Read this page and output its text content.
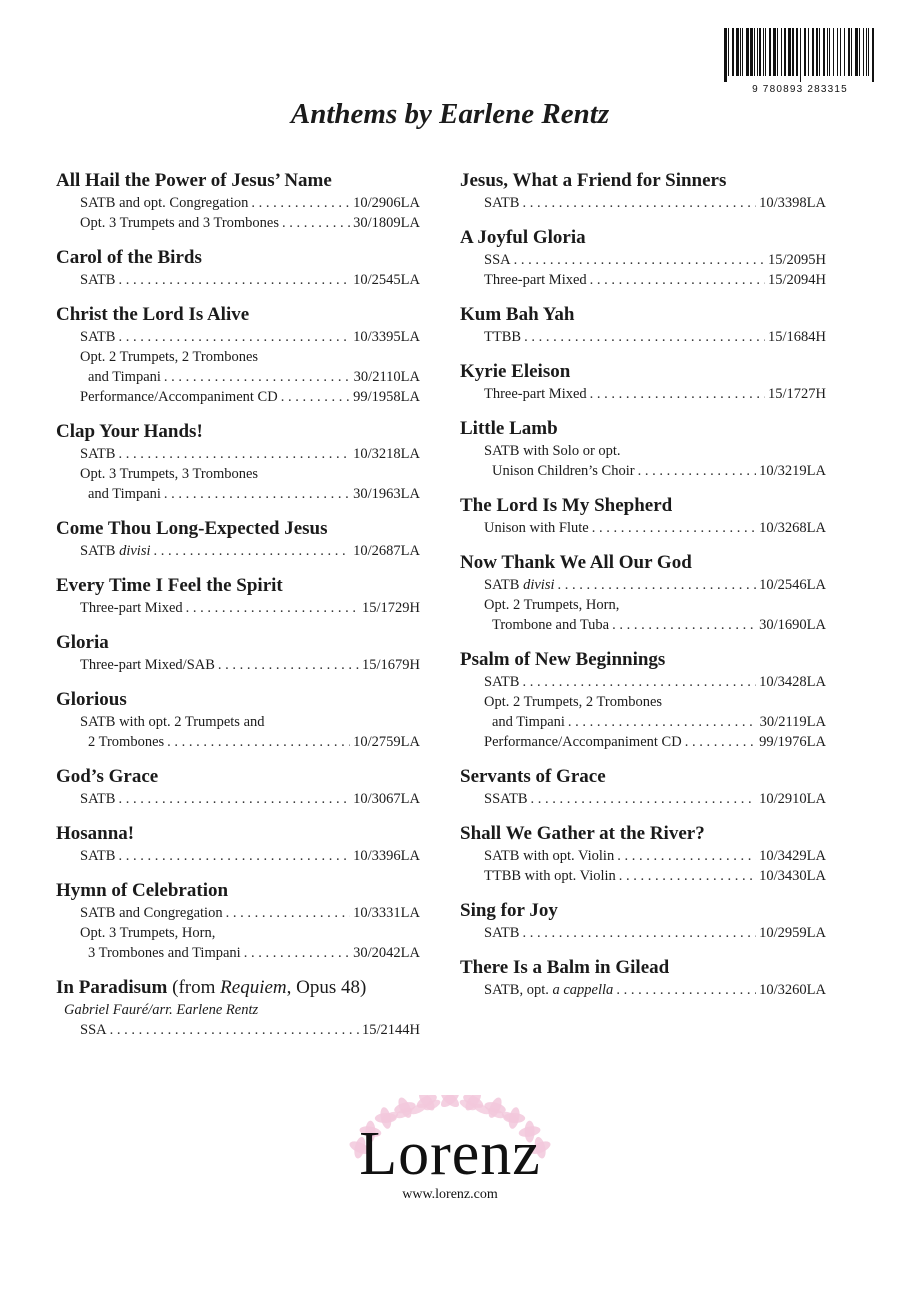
9 780893 283315
Anthems by Earlene Rentz
All Hail the Power of Jesus’ Name
SATB and opt. Congregation . . .	10/2906LA
Opt. 3 Trumpets and 3 Trombones . . .	30/1809LA
Carol of the Birds
SATB . . .	10/2545LA
Christ the Lord Is Alive
SATB . . .	10/3395LA
Opt. 2 Trumpets, 2 Trombones
and Timpani . . .	30/2110LA
Performance/Accompaniment CD . . .	99/1958LA
Clap Your Hands!
SATB . . .	10/3218LA
Opt. 3 Trumpets, 3 Trombones
and Timpani . . .	30/1963LA
Come Thou Long-Expected Jesus
SATB divisi . . .	10/2687LA
Every Time I Feel the Spirit
Three-part Mixed . . .	15/1729H
Gloria
Three-part Mixed/SAB . . .	15/1679H
Glorious
SATB with opt. 2 Trumpets and
2 Trombones . . .	10/2759LA
God’s Grace
SATB . . .	10/3067LA
Hosanna!
SATB . . .	10/3396LA
Hymn of Celebration
SATB and Congregation . . .	10/3331LA
Opt. 3 Trumpets, Horn,
3 Trombones and Timpani . . .	30/2042LA
In Paradisum (from Requiem, Opus 48)
Gabriel Fauré/arr. Earlene Rentz
SSA . . .	15/2144H
Jesus, What a Friend for Sinners
SATB . . .	10/3398LA
A Joyful Gloria
SSA . . .	15/2095H
Three-part Mixed . . .	15/2094H
Kum Bah Yah
TTBB . . .	15/1684H
Kyrie Eleison
Three-part Mixed . . .	15/1727H
Little Lamb
SATB with Solo or opt.
Unison Children’s Choir . . .	10/3219LA
The Lord Is My Shepherd
Unison with Flute . . .	10/3268LA
Now Thank We All Our God
SATB divisi . . .	10/2546LA
Opt. 2 Trumpets, Horn,
Trombone and Tuba . . .	30/1690LA
Psalm of New Beginnings
SATB . . .	10/3428LA
Opt. 2 Trumpets, 2 Trombones
and Timpani . . .	30/2119LA
Performance/Accompaniment CD . . .	99/1976LA
Servants of Grace
SSATB . . .	10/2910LA
Shall We Gather at the River?
SATB with opt. Violin . . .	10/3429LA
TTBB with opt. Violin . . .	10/3430LA
Sing for Joy
SATB . . .	10/2959LA
There Is a Balm in Gilead
SATB, opt. a cappella . . .	10/3260LA
Lorenz
www.lorenz.com
